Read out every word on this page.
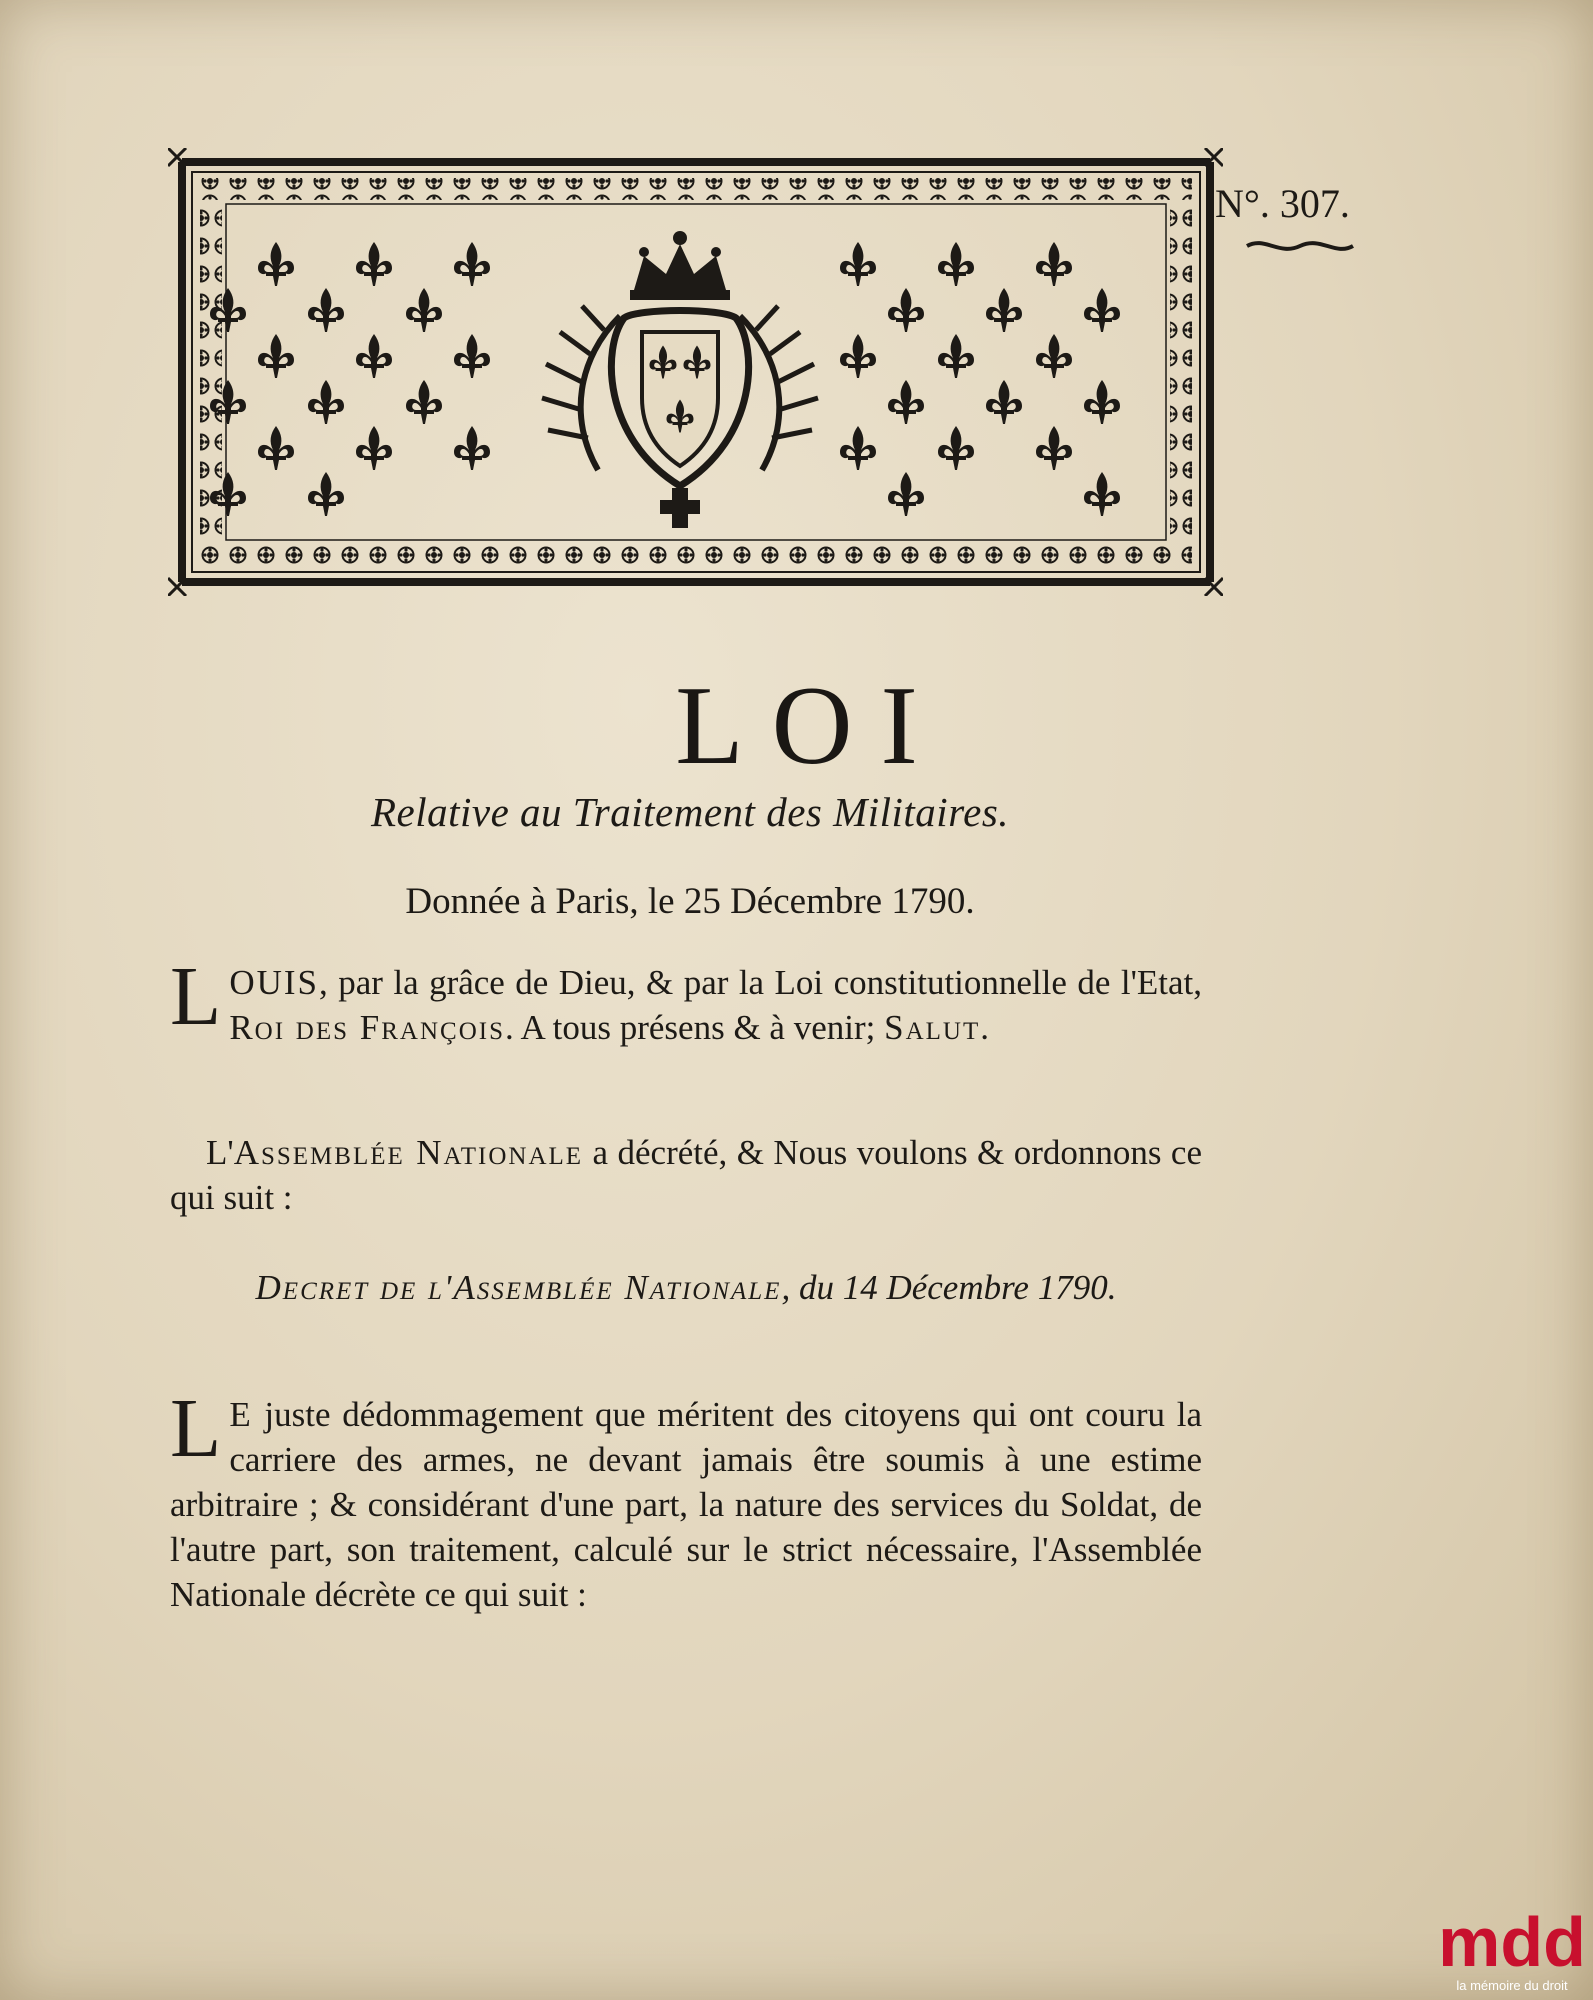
N°. 307.
LOI
Relative au Traitement des Militaires.
Donnée à Paris, le 25 Décembre 1790.
LOUIS, par la grâce de Dieu, & par la Loi constitutionnelle de l'Etat, Roi des François. A tous présens & à venir; Salut.
L'Assemblée Nationale a décrété, & Nous voulons & ordonnons ce qui suit :
Decret de l'Assemblée Nationale, du 14 Décembre 1790.
L E juste dédommagement que méritent des citoyens qui ont couru la carriere des armes, ne devant jamais être soumis à une estime arbitraire ; & considérant d'une part, la nature des services du Soldat, de l'autre part, son traitement, calculé sur le strict nécessaire, l'Assemblée Nationale décrète ce qui suit :
mdd
la mémoire du droit
